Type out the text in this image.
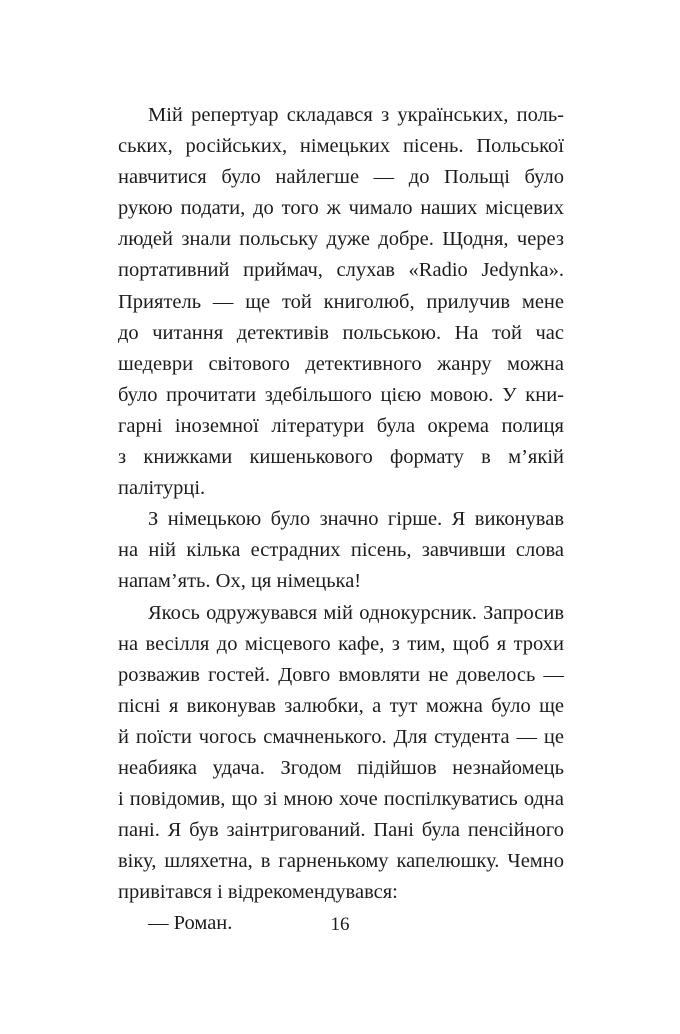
Мій репертуар складався з українських, поль-
ських, російських, німецьких пісень. Польської
навчитися було найлегше — до Польщі було
рукою подати, до того ж чимало наших місцевих
людей знали польську дуже добре. Щодня, через
портативний приймач, слухав «Radio Jedynka».
Приятель — ще той книголюб, прилучив мене
до читання детективів польською. На той час
шедеври світового детективного жанру можна
було прочитати здебільшого цією мовою. У кни-
гарні іноземної літератури була окрема полиця
з книжками кишенькового формату в м’якій
палітурці.
З німецькою було значно гірше. Я виконував
на ній кілька естрадних пісень, завчивши слова
напам’ять. Ох, ця німецька!
Якось одружувався мій однокурсник. Запросив
на весілля до місцевого кафе, з тим, щоб я трохи
розважив гостей. Довго вмовляти не довелось —
пісні я виконував залюбки, а тут можна було ще
й поїсти чогось смачненького. Для студента — це
неабияка удача. Згодом підійшов незнайомець
і повідомив, що зі мною хоче поспілкуватись одна
пані. Я був заінтригований. Пані була пенсійного
віку, шляхетна, в гарненькому капелюшку. Чемно
привітався і відрекомендувався:
— Роман.	16
